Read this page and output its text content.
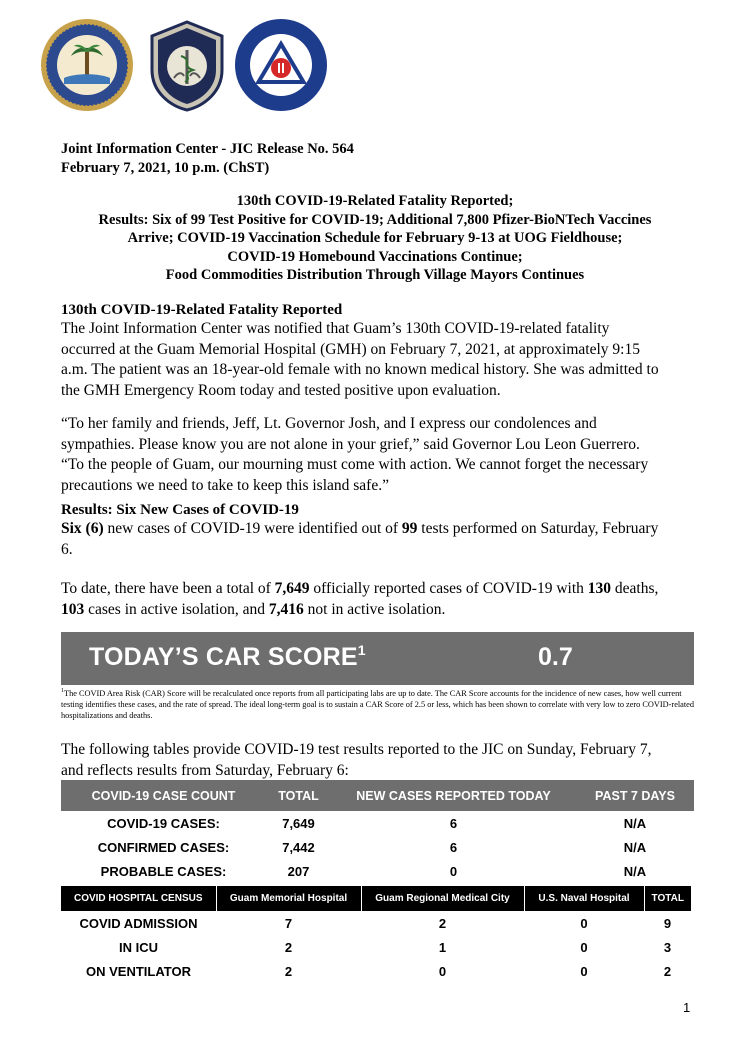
Joint Information Center - JIC Release No. 564
February 7, 2021, 10 p.m. (ChST)
130th COVID-19-Related Fatality Reported;
Results: Six of 99 Test Positive for COVID-19; Additional 7,800 Pfizer-BioNTech Vaccines
Arrive; COVID-19 Vaccination Schedule for February 9-13 at UOG Fieldhouse;
COVID-19 Homebound Vaccinations Continue;
Food Commodities Distribution Through Village Mayors Continues
130th COVID-19-Related Fatality Reported
The Joint Information Center was notified that Guam’s 130th COVID-19-related fatality
occurred at the Guam Memorial Hospital (GMH) on February 7, 2021, at approximately 9:15
a.m. The patient was an 18-year-old female with no known medical history. She was admitted to
the GMH Emergency Room today and tested positive upon evaluation.
“To her family and friends, Jeff, Lt. Governor Josh, and I express our condolences and
sympathies. Please know you are not alone in your grief,” said Governor Lou Leon Guerrero.
“To the people of Guam, our mourning must come with action. We cannot forget the necessary
precautions we need to take to keep this island safe.”
Results: Six New Cases of COVID-19
Six (6) new cases of COVID-19 were identified out of 99 tests performed on Saturday, February
6.
To date, there have been a total of 7,649 officially reported cases of COVID-19 with 130 deaths,
103 cases in active isolation, and 7,416 not in active isolation.
TODAY’S CAR SCORE$^1$	0.7
$^1$The COVID Area Risk (CAR) Score will be recalculated once reports from all participating labs are up to date. The CAR Score accounts for the incidence of new cases, how well current testing identifies these cases, and the rate of spread. The ideal long-term goal is to sustain a CAR Score of 2.5 or less, which has been shown to correlate with very low to zero COVID-related hospitalizations and deaths.
The following tables provide COVID-19 test results reported to the JIC on Sunday, February 7,
and reflects results from Saturday, February 6:
COVID-19 CASE COUNT	TOTAL	NEW CASES REPORTED TODAY	PAST 7 DAYS
COVID-19 CASES:	7,649	6	N/A
CONFIRMED CASES:	7,442	6	N/A
PROBABLE CASES:	207	0	N/A
COVID HOSPITAL CENSUS	Guam Memorial Hospital	Guam Regional Medical City	U.S. Naval Hospital	TOTAL
COVID ADMISSION	7	2	0	9
IN ICU	2	1	0	3
ON VENTILATOR	2	0	0	2
1
